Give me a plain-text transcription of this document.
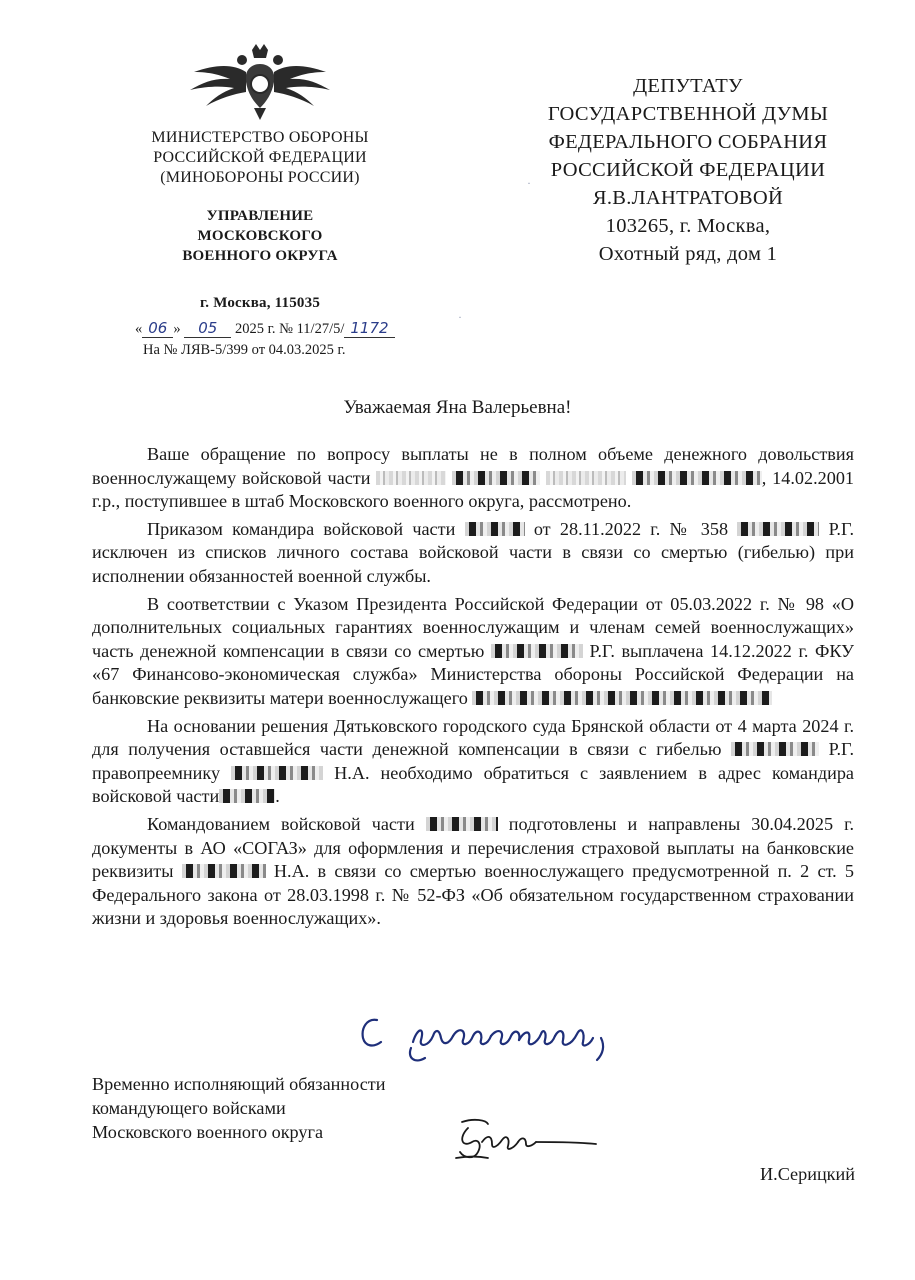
МИНИСТЕРСТВО ОБОРОНЫ
РОССИЙСКОЙ ФЕДЕРАЦИИ
(МИНОБОРОНЫ РОССИИ)
УПРАВЛЕНИЕ
МОСКОВСКОГО
ВОЕННОГО ОКРУГА
г. Москва, 115035
« 06 » 05 2025 г. № 11/27/5/ 1172
На № ЛЯВ-5/399 от 04.03.2025 г.
·
·
ДЕПУТАТУ
ГОСУДАРСТВЕННОЙ ДУМЫ
ФЕДЕРАЛЬНОГО СОБРАНИЯ
РОССИЙСКОЙ ФЕДЕРАЦИИ
Я.В.ЛАНТРАТОВОЙ
103265, г. Москва,
Охотный ряд, дом 1
Уважаемая Яна Валерьевна!

Ваше обращение по вопросу выплаты не в полном объеме денежного довольствия военнослужащему войсковой части	, 14.02.2001 г.р., поступившее в штаб Московского военного округа, рассмотрено.

Приказом командира войсковой части	от 28.11.2022 г. № 358	Р.Г. исключен из списков личного состава войсковой части в связи со смертью (гибелью) при исполнении обязанностей военной службы.

В соответствии с Указом Президента Российской Федерации от 05.03.2022 г. № 98 «О дополнительных социальных гарантиях военнослужащим и членам семей военнослужащих» часть денежной компенсации в связи со смертью	Р.Г. выплачена 14.12.2022 г. ФКУ «67 Финансово-экономическая служба» Министерства обороны Российской Федерации на банковские реквизиты матери военнослужащего

На основании решения Дятьковского городского суда Брянской области от 4 марта 2024 г. для получения оставшейся части денежной компенсации в связи с гибелью	Р.Г. правопреемнику	Н.А. необходимо обратиться с заявлением в адрес командира войсковой части	.

Командованием войсковой части	подготовлены и направлены 30.04.2025 г. документы в АО «СОГАЗ» для оформления и перечисления страховой выплаты на банковские реквизиты	Н.А. в связи со смертью военнослужащего предусмотренной п. 2 ст. 5 Федерального закона от 28.03.1998 г. № 52-ФЗ «Об обязательном государственном страховании жизни и здоровья военнослужащих».

Временно исполняющий обязанности
командующего войсками
Московского военного округа
И.Серицкий
